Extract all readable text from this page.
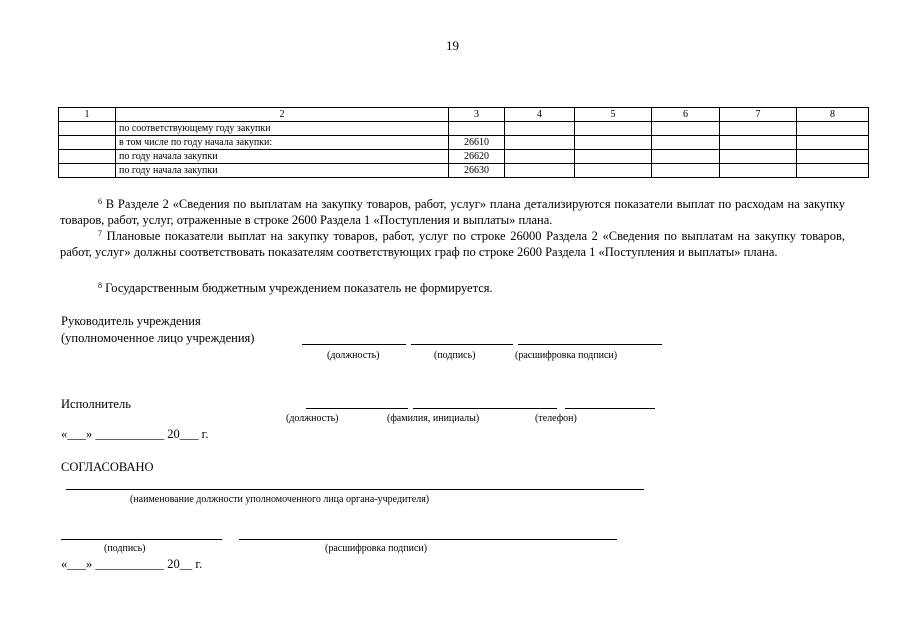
19
1	2	3	4	5	6	7	8
	по соответствующему году закупки						
	в том числе по году начала закупки:	26610					
	по году начала закупки	26620					
	по году начала закупки	26630					
$^6$ В Разделе 2 «Сведения по выплатам на закупку товаров, работ, услуг» плана детализируются показатели выплат по расходам на закупку товаров, работ, услуг, отраженные в строке 2600 Раздела 1 «Поступления и выплаты» плана.
$^7$ Плановые показатели выплат на закупку товаров, работ, услуг по строке 26000 Раздела 2 «Сведения по выплатам на закупку товаров, работ, услуг» должны соответствовать показателям соответствующих граф по строке 2600 Раздела 1 «Поступления и выплаты» плана.
$^8$ Государственным бюджетным учреждением показатель не формируется.
Руководитель учреждения
(уполномоченное лицо учреждения)
(должность)	(подпись)	(расшифровка подписи)
Исполнитель
(должность)	(фамилия, инициалы)	(телефон)
«___» ___________ 20___ г.
СОГЛАСОВАНО
(наименование должности уполномоченного лица органа-учредителя)
(подпись)	(расшифровка подписи)
«___» ___________ 20__ г.
